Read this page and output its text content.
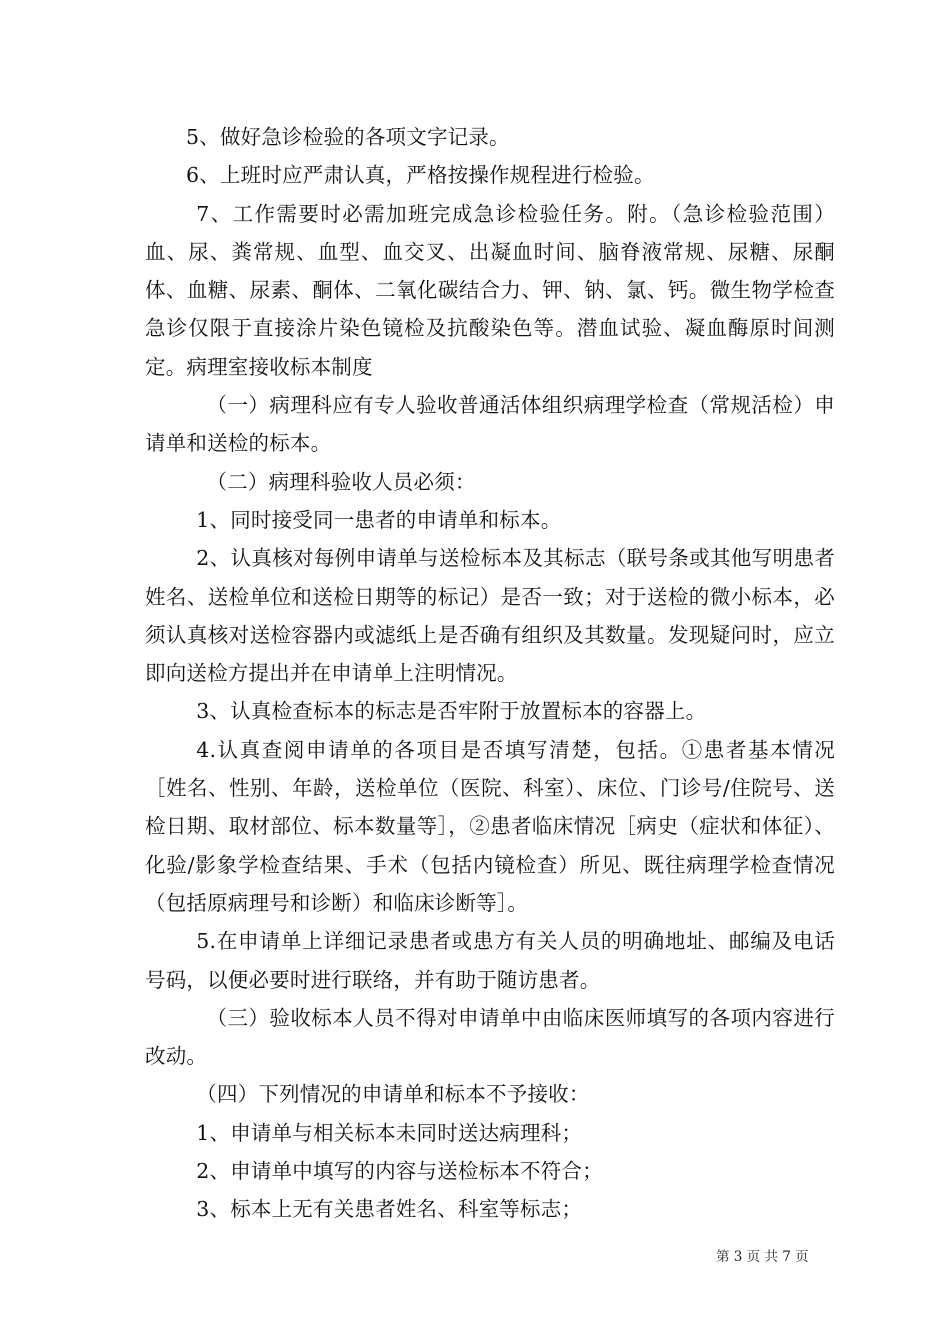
5、做好急诊检验的各项文字记录。

6、上班时应严肃认真，严格按操作规程进行检验。

7、工作需要时必需加班完成急诊检验任务。附。（急诊检验范围）血、尿、粪常规、血型、血交叉、出凝血时间、脑脊液常规、尿糖、尿酮体、血糖、尿素、酮体、二氧化碳结合力、钾、钠、氯、钙。微生物学检查急诊仅限于直接涂片染色镜检及抗酸染色等。潜血试验、凝血酶原时间测定。病理室接收标本制度

（一）病理科应有专人验收普通活体组织病理学检查（常规活检）申请单和送检的标本。

（二）病理科验收人员必须：

1、同时接受同一患者的申请单和标本。

2、认真核对每例申请单与送检标本及其标志（联号条或其他写明患者姓名、送检单位和送检日期等的标记）是否一致；对于送检的微小标本，必须认真核对送检容器内或滤纸上是否确有组织及其数量。发现疑问时，应立即向送检方提出并在申请单上注明情况。

3、认真检查标本的标志是否牢附于放置标本的容器上。

4.认真查阅申请单的各项目是否填写清楚，包括。①患者基本情况［姓名、性别、年龄，送检单位（医院、科室）、床位、门诊号/住院号、送检日期、取材部位、标本数量等］，②患者临床情况［病史（症状和体征）、化验/影象学检查结果、手术（包括内镜检查）所见、既往病理学检查情况（包括原病理号和诊断）和临床诊断等］。

5.在申请单上详细记录患者或患方有关人员的明确地址、邮编及电话号码，以便必要时进行联络，并有助于随访患者。

（三）验收标本人员不得对申请单中由临床医师填写的各项内容进行改动。

（四）下列情况的申请单和标本不予接收：

1、申请单与相关标本未同时送达病理科；

2、申请单中填写的内容与送检标本不符合；

3、标本上无有关患者姓名、科室等标志；

第 3 页 共 7 页
